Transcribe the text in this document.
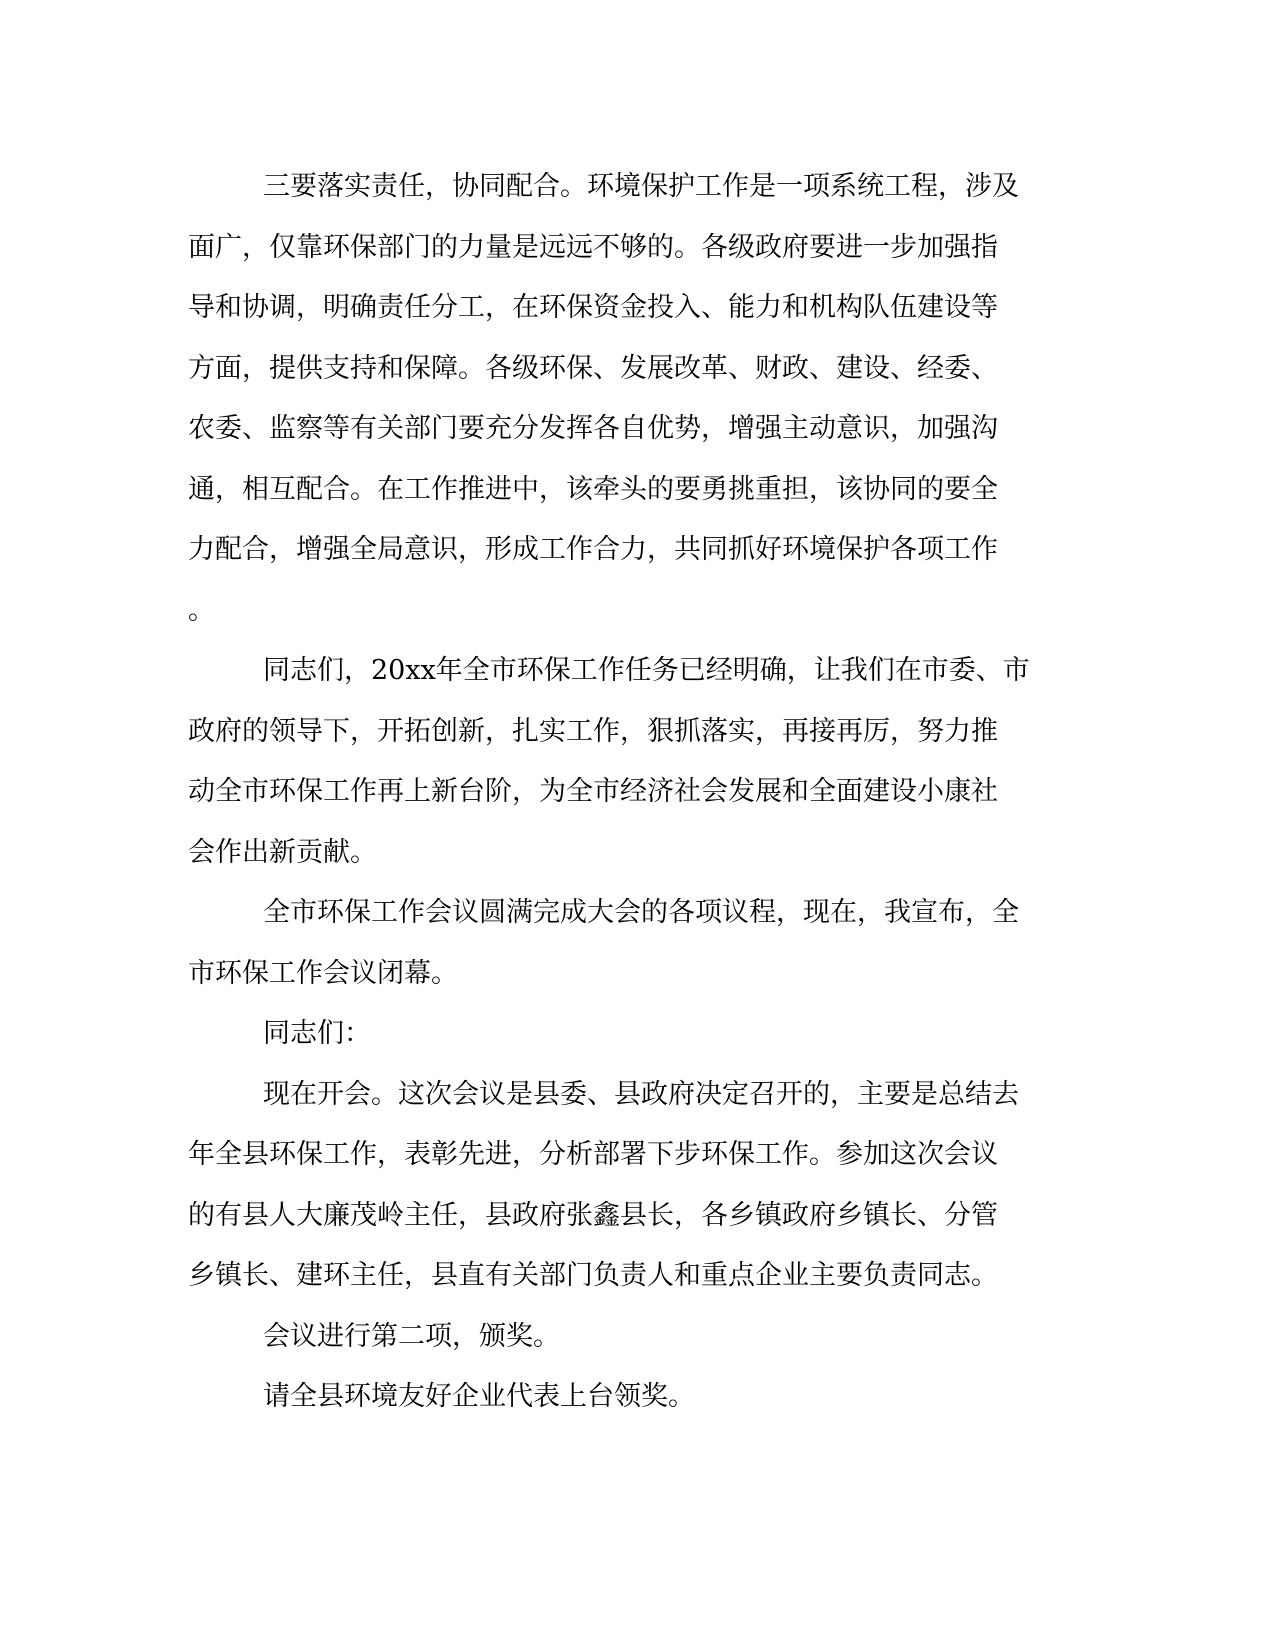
三要落实责任，协同配合。环境保护工作是一项系统工程，涉及
面广，仅靠环保部门的力量是远远不够的。各级政府要进一步加强指
导和协调，明确责任分工，在环保资金投入、能力和机构队伍建设等
方面，提供支持和保障。各级环保、发展改革、财政、建设、经委、
农委、监察等有关部门要充分发挥各自优势，增强主动意识，加强沟
通，相互配合。在工作推进中，该牵头的要勇挑重担，该协同的要全
力配合，增强全局意识，形成工作合力，共同抓好环境保护各项工作
。
同志们，20xx年全市环保工作任务已经明确，让我们在市委、市
政府的领导下，开拓创新，扎实工作，狠抓落实，再接再厉，努力推
动全市环保工作再上新台阶，为全市经济社会发展和全面建设小康社
会作出新贡献。
全市环保工作会议圆满完成大会的各项议程，现在，我宣布，全
市环保工作会议闭幕。
同志们：
现在开会。这次会议是县委、县政府决定召开的，主要是总结去
年全县环保工作，表彰先进，分析部署下步环保工作。参加这次会议
的有县人大廉茂岭主任，县政府张鑫县长，各乡镇政府乡镇长、分管
乡镇长、建环主任，县直有关部门负责人和重点企业主要负责同志。
会议进行第二项，颁奖。
请全县环境友好企业代表上台领奖。
